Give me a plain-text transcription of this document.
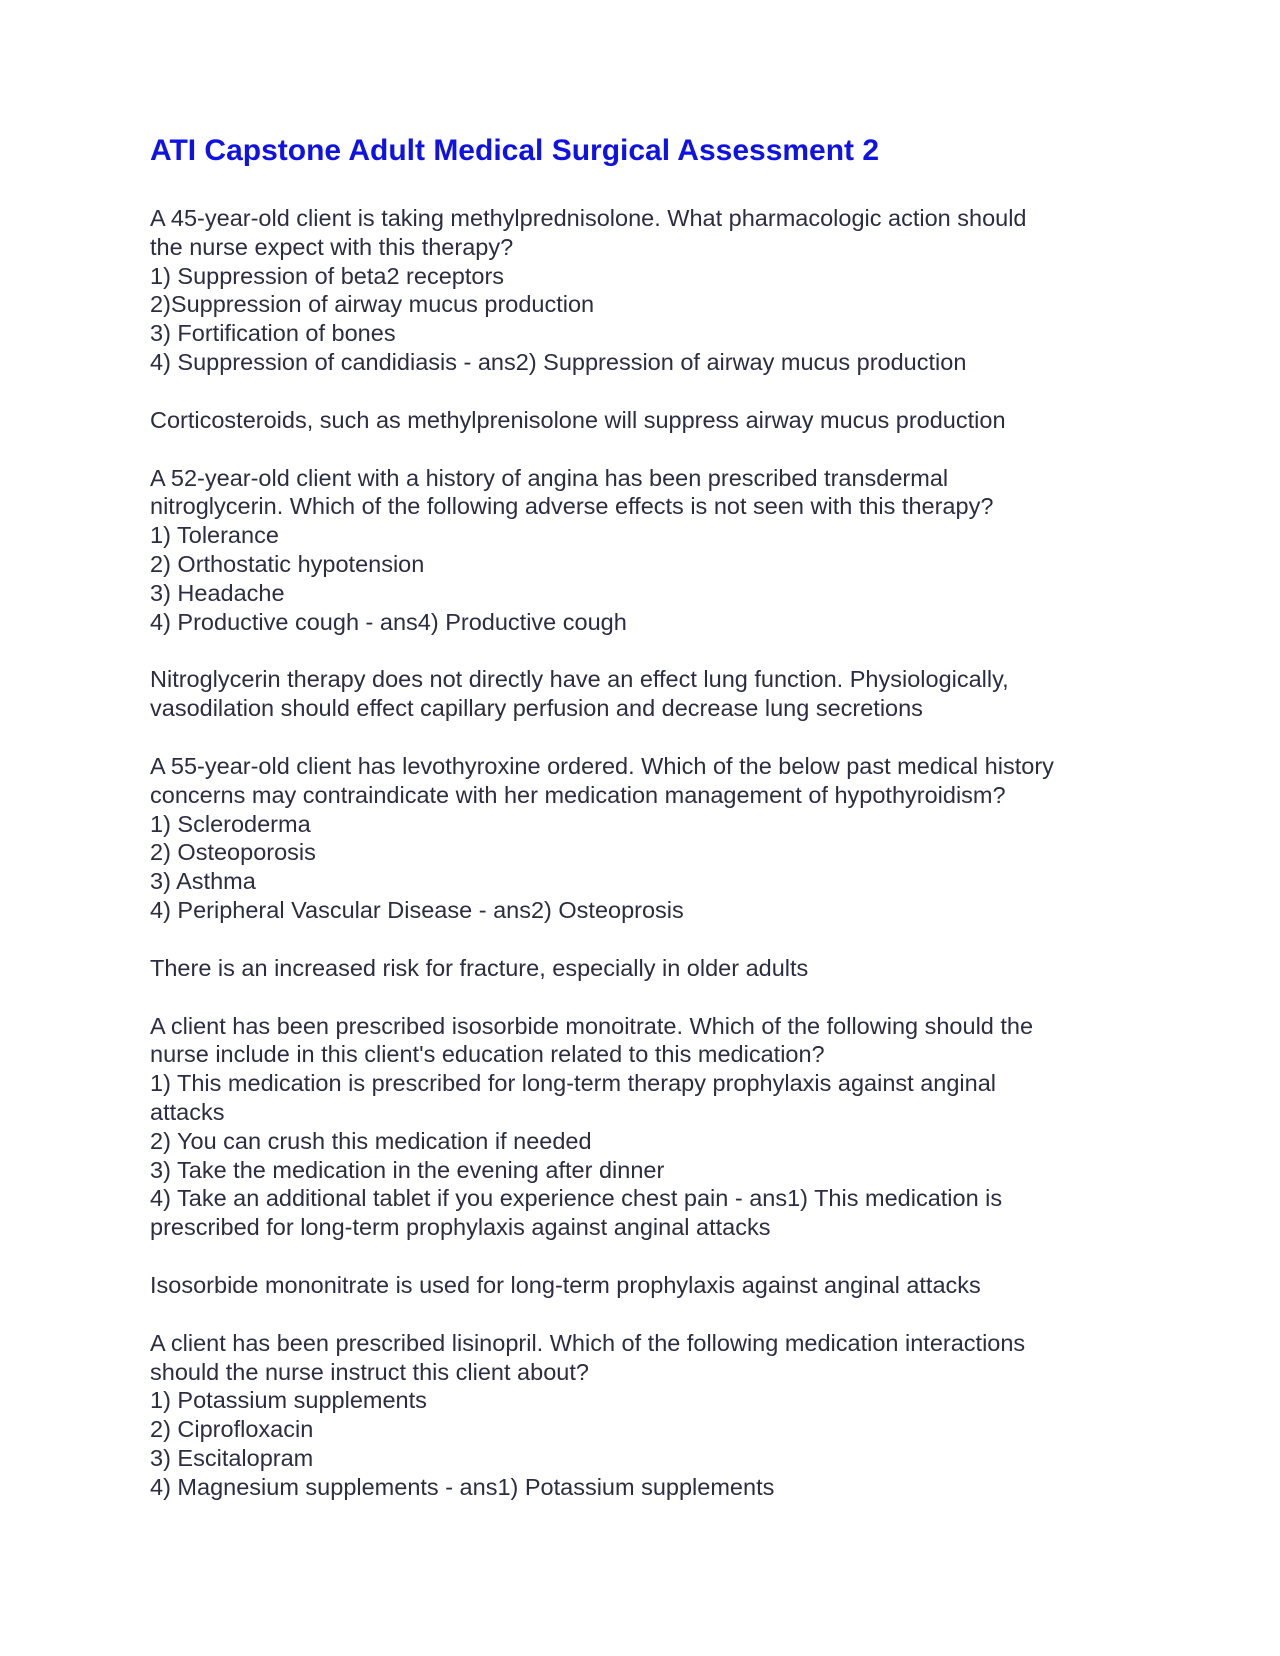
ATI Capstone Adult Medical Surgical Assessment 2
A 45-year-old client is taking methylprednisolone. What pharmacologic action should
the nurse expect with this therapy?
1) Suppression of beta2 receptors
2)Suppression of airway mucus production
3) Fortification of bones
4) Suppression of candidiasis - ans2) Suppression of airway mucus production
Corticosteroids, such as methylprenisolone will suppress airway mucus production
A 52-year-old client with a history of angina has been prescribed transdermal
nitroglycerin. Which of the following adverse effects is not seen with this therapy?
1) Tolerance
2) Orthostatic hypotension
3) Headache
4) Productive cough - ans4) Productive cough
Nitroglycerin therapy does not directly have an effect lung function. Physiologically,
vasodilation should effect capillary perfusion and decrease lung secretions
A 55-year-old client has levothyroxine ordered. Which of the below past medical history
concerns may contraindicate with her medication management of hypothyroidism?
1) Scleroderma
2) Osteoporosis
3) Asthma
4) Peripheral Vascular Disease - ans2) Osteoprosis
There is an increased risk for fracture, especially in older adults
A client has been prescribed isosorbide monoitrate. Which of the following should the
nurse include in this client's education related to this medication?
1) This medication is prescribed for long-term therapy prophylaxis against anginal
attacks
2) You can crush this medication if needed
3) Take the medication in the evening after dinner
4) Take an additional tablet if you experience chest pain - ans1) This medication is
prescribed for long-term prophylaxis against anginal attacks
Isosorbide mononitrate is used for long-term prophylaxis against anginal attacks
A client has been prescribed lisinopril. Which of the following medication interactions
should the nurse instruct this client about?
1) Potassium supplements
2) Ciprofloxacin
3) Escitalopram
4) Magnesium supplements - ans1) Potassium supplements
